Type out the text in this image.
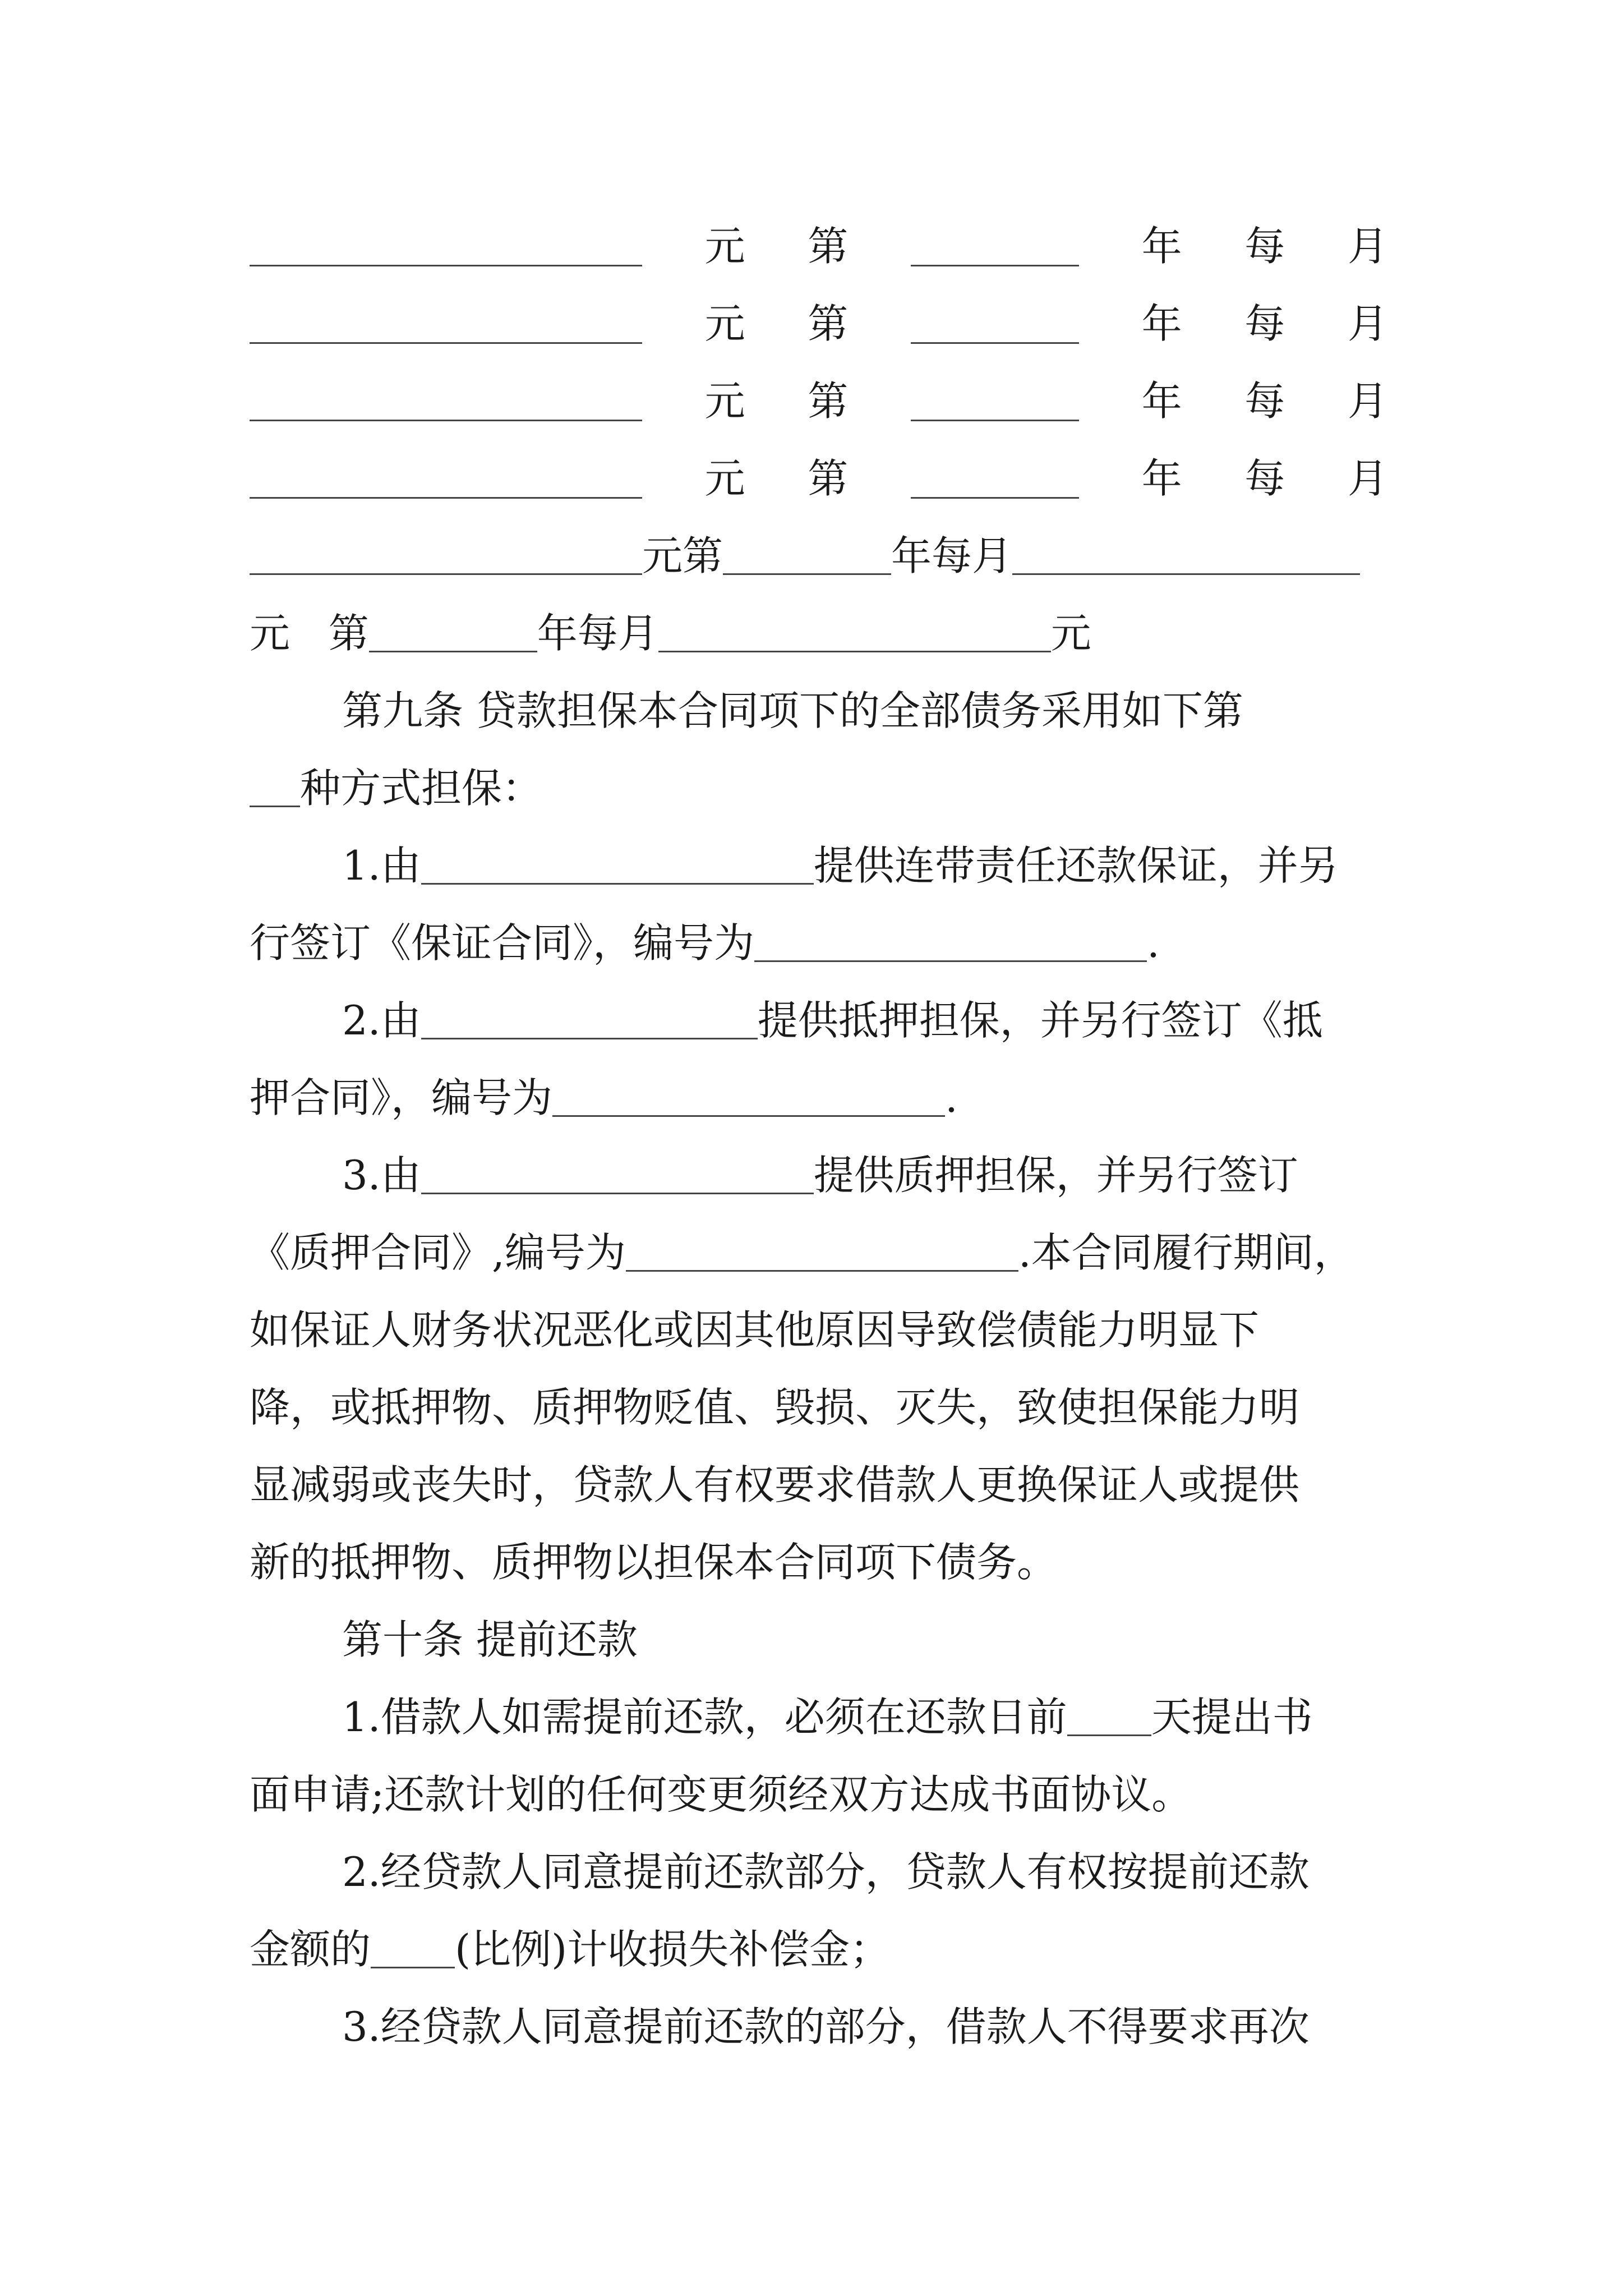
元 第	年 每 月
元 第	年 每 月
元 第	年 每 月
元 第	年 每 月
元第	年每月
元 第	年每月	元
第九条 贷款担保本合同项下的全部债务采用如下第
种方式担保：
1.由	提供连带责任还款保证，并另
行签订《保证合同》，编号为	.
2.由	提供抵押担保，并另行签订《抵
押合同》，编号为	.
3.由	提供质押担保，并另行签订
《质押合同》,编号为	.本合同履行期间，
如保证人财务状况恶化或因其他原因导致偿债能力明显下
降，或抵押物、质押物贬值、毁损、灭失，致使担保能力明
显减弱或丧失时，贷款人有权要求借款人更换保证人或提供
新的抵押物、质押物以担保本合同项下债务。
第十条 提前还款
1.借款人如需提前还款，必须在还款日前 天提出书
面申请;还款计划的任何变更须经双方达成书面协议。
2.经贷款人同意提前还款部分，贷款人有权按提前还款
金额的 (比例)计收损失补偿金；
3.经贷款人同意提前还款的部分，借款人不得要求再次
